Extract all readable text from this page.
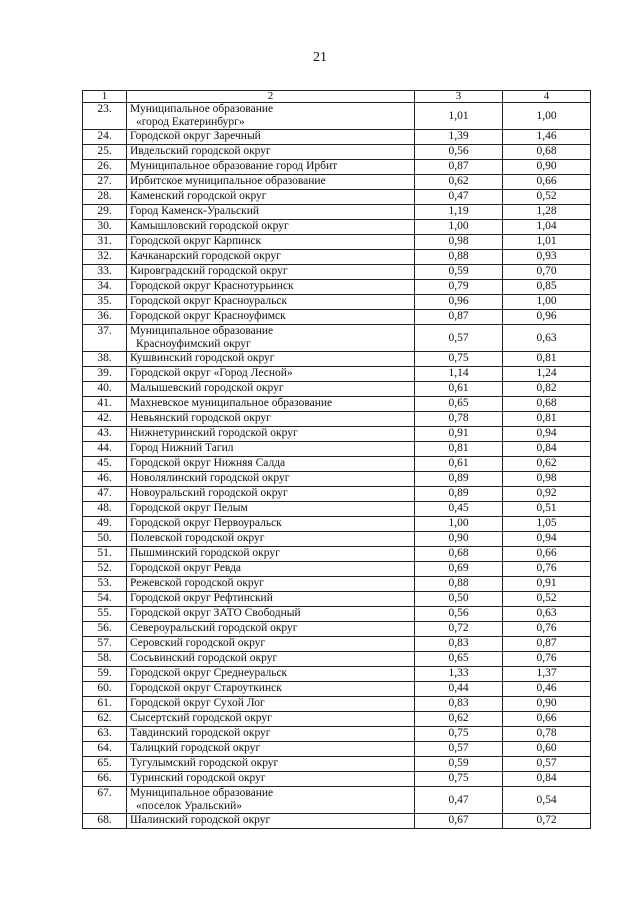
21
1	2	3	4
23.	Муниципальное образование
«город Екатеринбург»	1,01	1,00
24.	Городской округ Заречный	1,39	1,46
25.	Ивдельский городской округ	0,56	0,68
26.	Муниципальное образование город Ирбит	0,87	0,90
27.	Ирбитское муниципальное образование	0,62	0,66
28.	Каменский городской округ	0,47	0,52
29.	Город Каменск-Уральский	1,19	1,28
30.	Камышловский городской округ	1,00	1,04
31.	Городской округ Карпинск	0,98	1,01
32.	Качканарский городской округ	0,88	0,93
33.	Кировградский городской округ	0,59	0,70
34.	Городской округ Краснотурьинск	0,79	0,85
35.	Городской округ Красноуральск	0,96	1,00
36.	Городской округ Красноуфимск	0,87	0,96
37.	Муниципальное образование
Красноуфимский округ	0,57	0,63
38.	Кушвинский городской округ	0,75	0,81
39.	Городской округ «Город Лесной»	1,14	1,24
40.	Малышевский городской округ	0,61	0,82
41.	Махневское муниципальное образование	0,65	0,68
42.	Невьянский городской округ	0,78	0,81
43.	Нижнетуринский городской округ	0,91	0,94
44.	Город Нижний Тагил	0,81	0,84
45.	Городской округ Нижняя Салда	0,61	0,62
46.	Новолялинский городской округ	0,89	0,98
47.	Новоуральский городской округ	0,89	0,92
48.	Городской округ Пелым	0,45	0,51
49.	Городской округ Первоуральск	1,00	1,05
50.	Полевской городской округ	0,90	0,94
51.	Пышминский городской округ	0,68	0,66
52.	Городской округ Ревда	0,69	0,76
53.	Режевской городской округ	0,88	0,91
54.	Городской округ Рефтинский	0,50	0,52
55.	Городской округ ЗАТО Свободный	0,56	0,63
56.	Североуральский городской округ	0,72	0,76
57.	Серовский городской округ	0,83	0,87
58.	Сосьвинский городской округ	0,65	0,76
59.	Городской округ Среднеуральск	1,33	1,37
60.	Городской округ Староуткинск	0,44	0,46
61.	Городской округ Сухой Лог	0,83	0,90
62.	Сысертский городской округ	0,62	0,66
63.	Тавдинский городской округ	0,75	0,78
64.	Талицкий городской округ	0,57	0,60
65.	Тугулымский городской округ	0,59	0,57
66.	Туринский городской округ	0,75	0,84
67.	Муниципальное образование
«поселок Уральский»	0,47	0,54
68.	Шалинский городской округ	0,67	0,72
